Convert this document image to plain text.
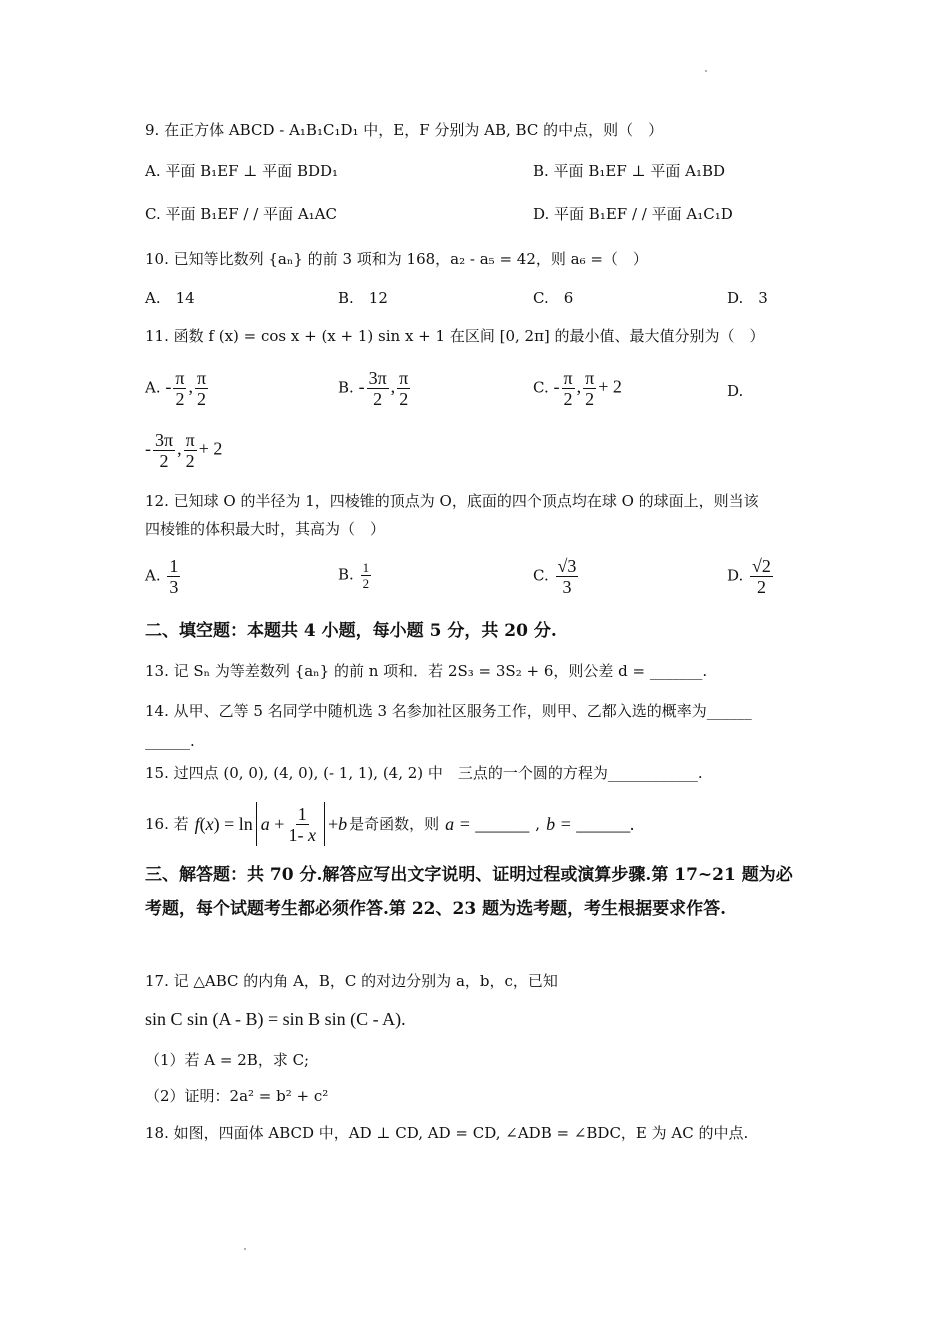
9. 在正方体 ABCD - A₁B₁C₁D₁ 中，E，F 分别为 AB, BC 的中点，则（　）
A. 平面 B₁EF ⊥ 平面 BDD₁	B. 平面 B₁EF ⊥ 平面 A₁BD
C. 平面 B₁EF / / 平面 A₁AC	D. 平面 B₁EF / / 平面 A₁C₁D
10. 已知等比数列 {aₙ} 的前 3 项和为 168，a₂ - a₅ = 42，则 a₆ =（　）
A.　14	B.　12	C.　6	D.　3
11. 函数 f (x) = cos x + (x + 1) sin x + 1 在区间 [0, 2π] 的最小值、最大值分别为（　）
A. - $\frac{\pi}{2}$ , $\frac{\pi}{2}$	B. - $\frac{3\pi}{2}$ , $\frac{\pi}{2}$	C. - $\frac{\pi}{2}$ , $\frac{\pi}{2} + 2$	D.
- $\frac{3\pi}{2}$ , $\frac{\pi}{2} + 2$
12. 已知球 O 的半径为 1，四棱锥的顶点为 O，底面的四个顶点均在球 O 的球面上，则当该
四棱锥的体积最大时，其高为（　）
A. $\frac{1}{3}$	B. $\frac{1}{2}$	C. $\frac{√3}{3}$	D. $\frac{√2}{2}$
二、填空题：本题共 4 小题，每小题 5 分，共 20 分.
13. 记 Sₙ 为等差数列 {aₙ} 的前 n 项和．若 2S₃ = 3S₂ + 6，则公差 d = _______.
14. 从甲、乙等 5 名同学中随机选 3 名参加社区服务工作，则甲、乙都入选的概率为______
______.
15. 过四点 (0, 0), (4, 0), (- 1, 1), (4, 2) 中　三点的一个圆的方程为____________.
16. 若 f ( x ) = $\ln a + \frac{1}{1- x} + b$ 是奇函数，则 a = ______ , b = ______.
三、解答题：共 70 分.解答应写出文字说明、证明过程或演算步骤.第 17~21 题为必考题，每个试题考生都必须作答.第 22、23 题为选考题，考生根据要求作答.
17. 记 △ABC 的内角 A，B，C 的对边分别为 a，b，c，已知
sin C sin (A - B) = sin B sin (C - A).
（1）若 A = 2B，求 C;
（2）证明：2a² = b² + c²
18. 如图，四面体 ABCD 中，AD ⊥ CD, AD = CD, ∠ADB = ∠BDC，E 为 AC 的中点.
